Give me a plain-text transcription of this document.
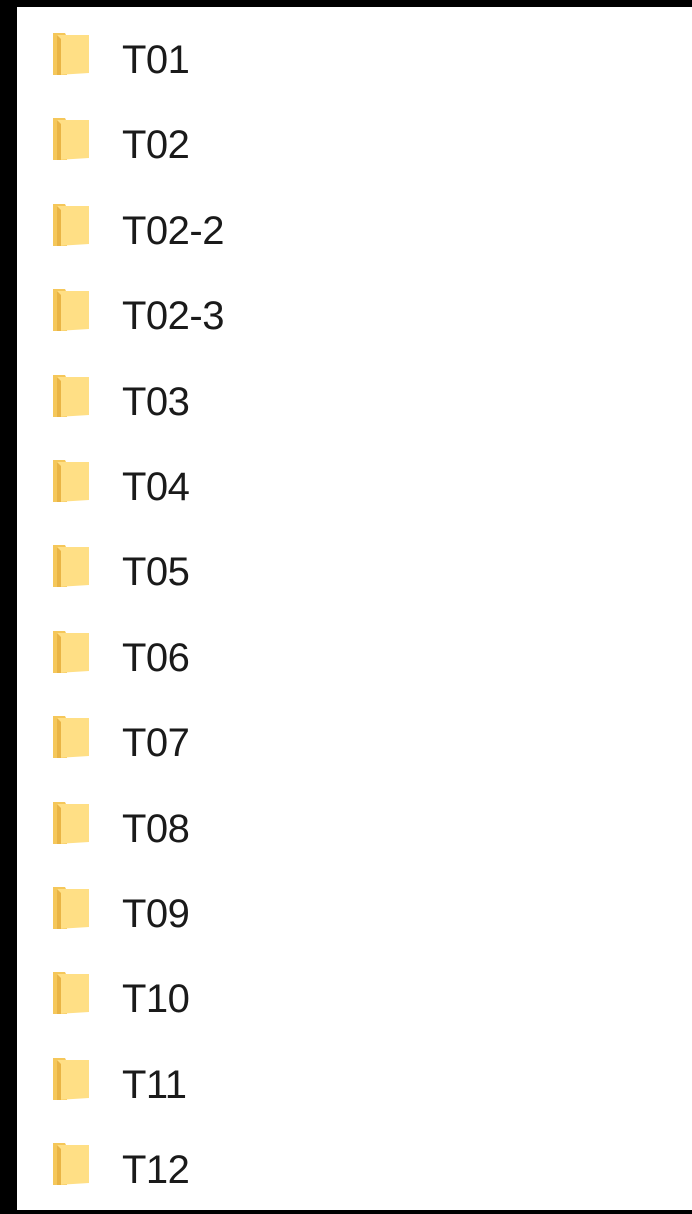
T01
T02
T02-2
T02-3
T03
T04
T05
T06
T07
T08
T09
T10
T11
T12
